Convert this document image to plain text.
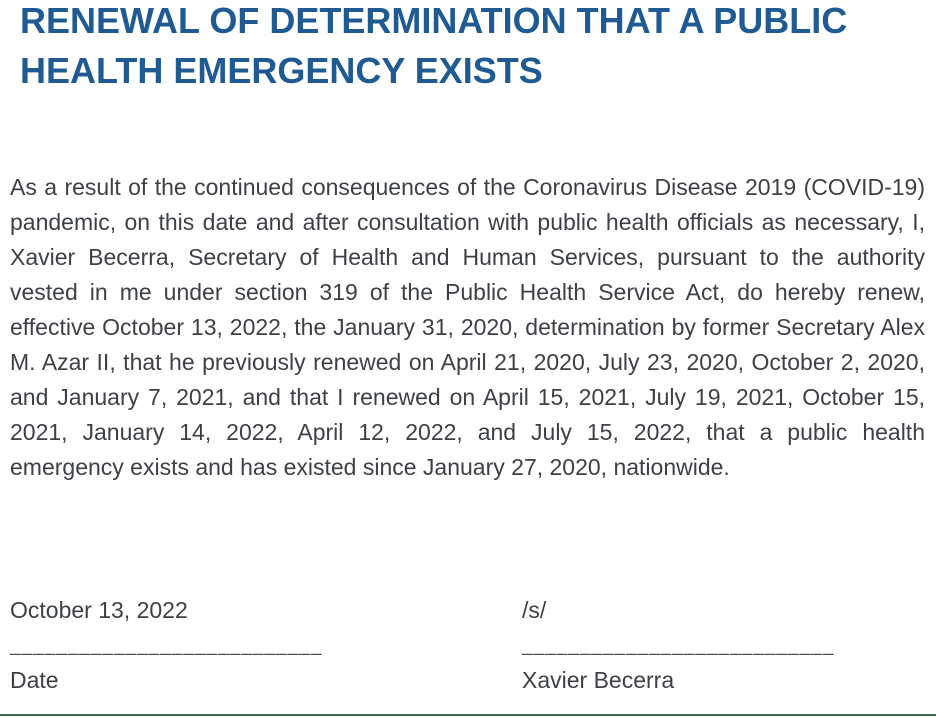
RENEWAL OF DETERMINATION THAT A PUBLIC HEALTH EMERGENCY EXISTS

As a result of the continued consequences of the Coronavirus Disease 2019 (COVID-19) pandemic, on this date and after consultation with public health officials as necessary, I, Xavier Becerra, Secretary of Health and Human Services, pursuant to the authority vested in me under section 319 of the Public Health Service Act, do hereby renew, effective October 13, 2022, the January 31, 2020, determination by former Secretary Alex M. Azar II, that he previously renewed on April 21, 2020, July 23, 2020, October 2, 2020, and January 7, 2021, and that I renewed on April 15, 2021, July 19, 2021, October 15, 2021, January 14, 2022, April 12, 2022, and July 15, 2022, that a public health emergency exists and has existed since January 27, 2020, nationwide.

October 13, 2022
___________________________
Date
/s/
___________________________
Xavier Becerra
